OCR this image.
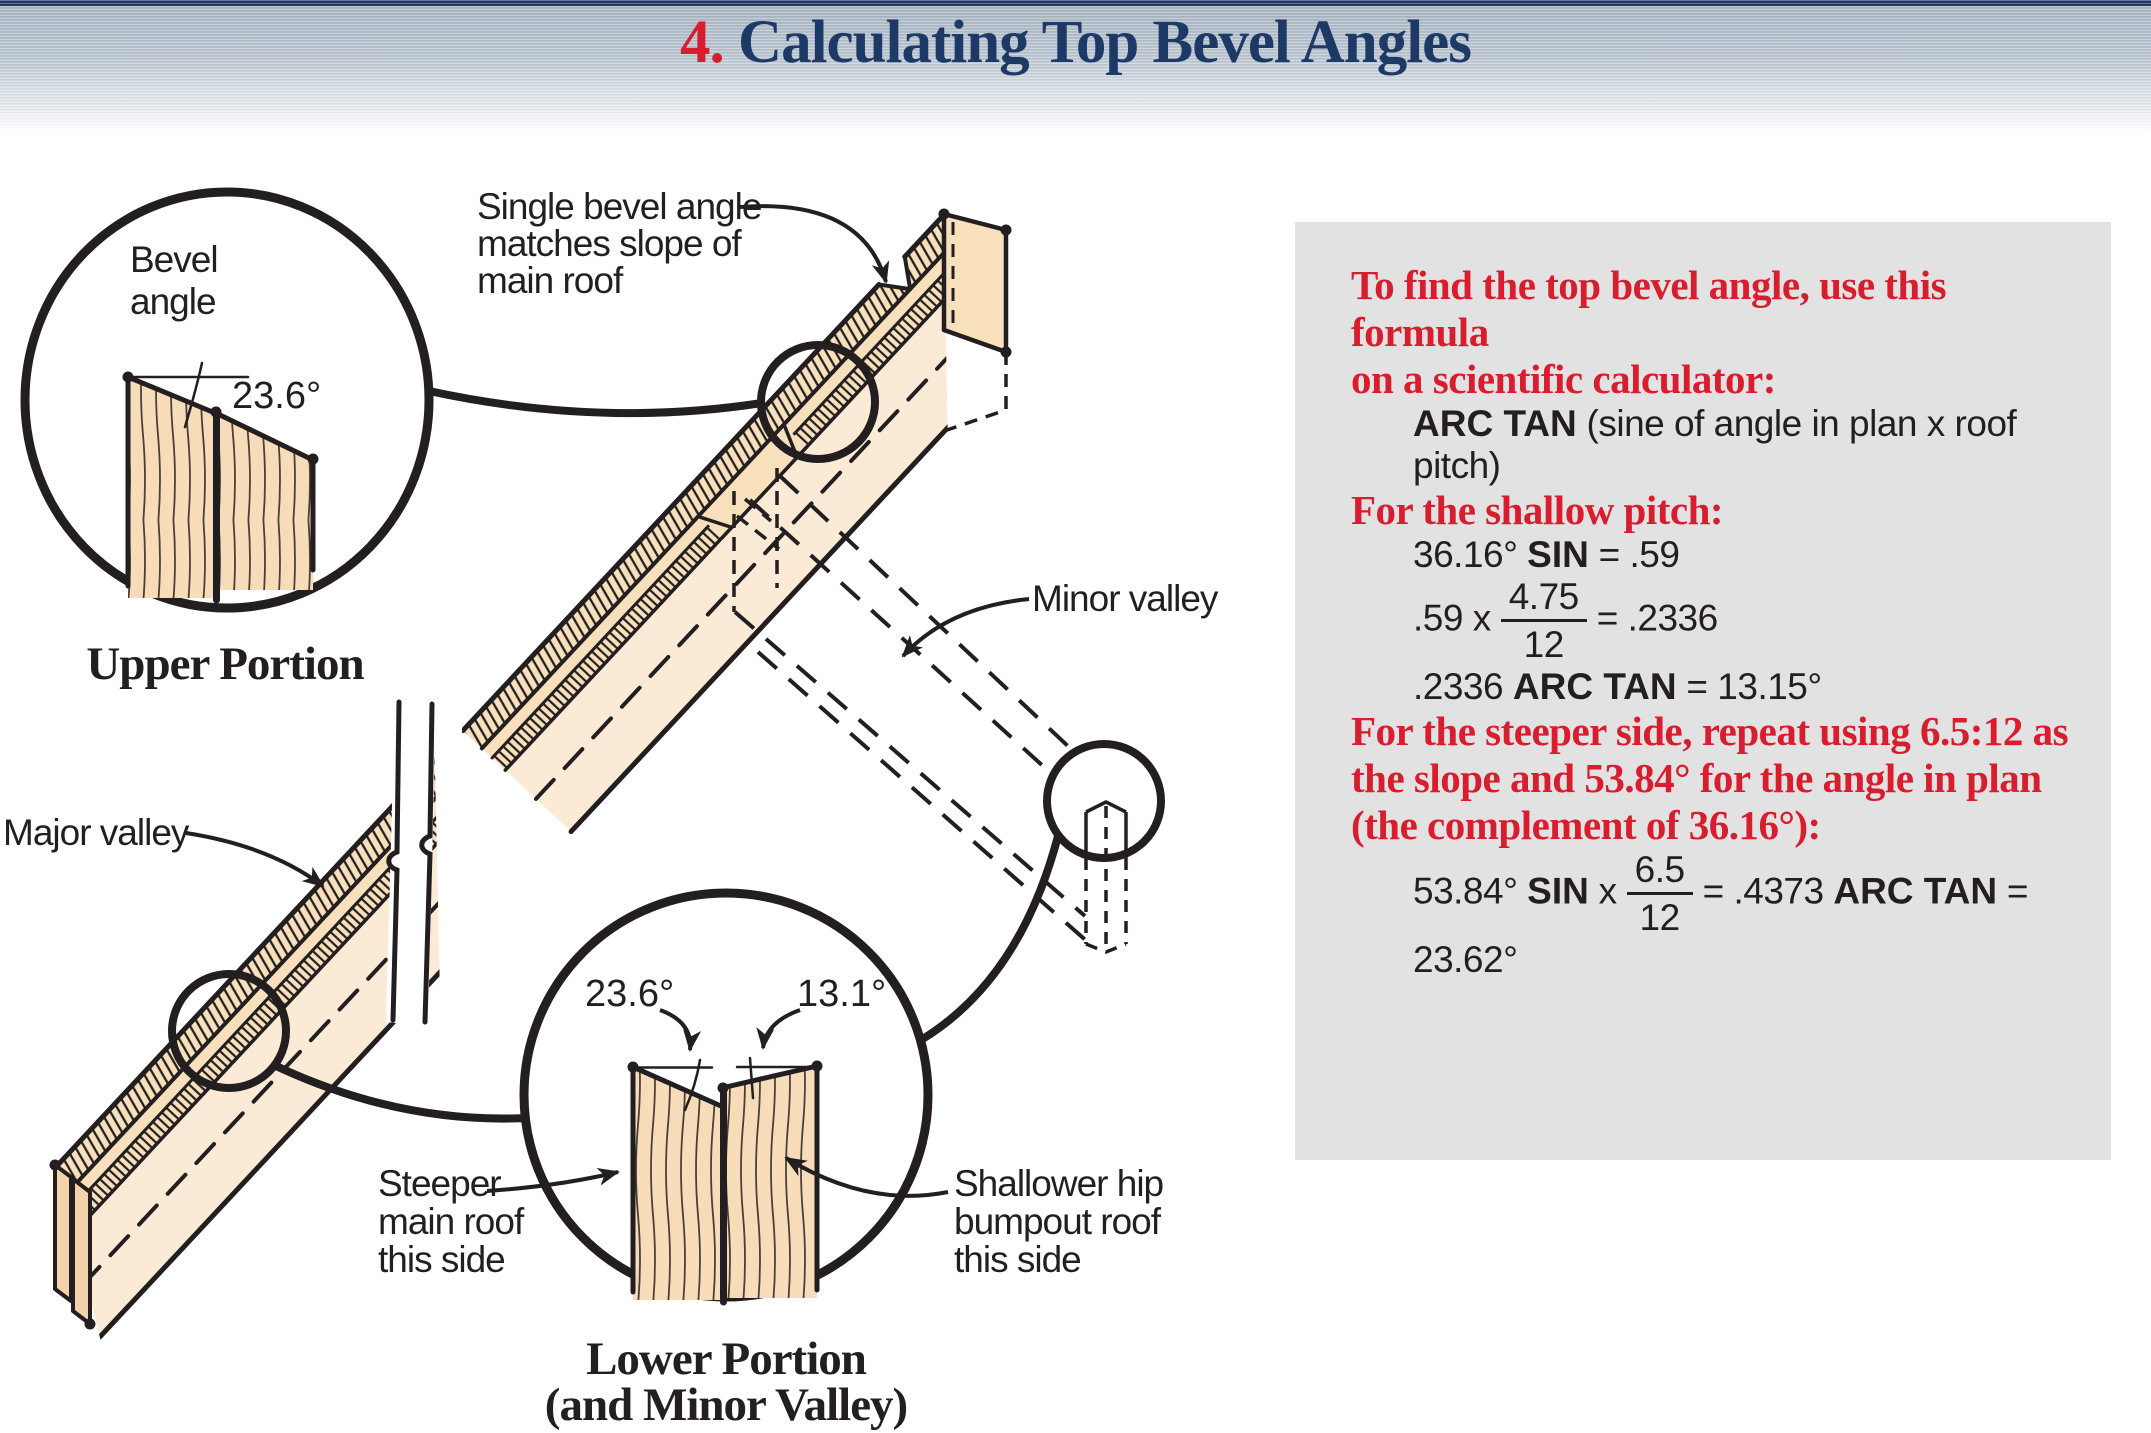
4. Calculating Top Bevel Angles
Bevel
angle
23.6°
Upper Portion
23.6°	13.1°
Lower Portion
(and Minor Valley)
Single bevel angle
matches slope of
main roof
Minor valley
Major valley
Steeper
main roof
this side
Shallower hip
bumpout roof
this side

To find the top bevel angle, use this formula
on a scientific calculator:

ARC TAN (sine of angle in plan x roof pitch)

For the shallow pitch:

36.16° SIN = .59

.59 x $\frac{4.75}{12} = .2336$

.2336 ARC TAN = 13.15°

For the steeper side, repeat using 6.5:12 as
the slope and 53.84° for the angle in plan
(the complement of 36.16°):

53.84° SIN x $\frac{6.5}{12} = .4373$ ARC TAN = 23.62°
